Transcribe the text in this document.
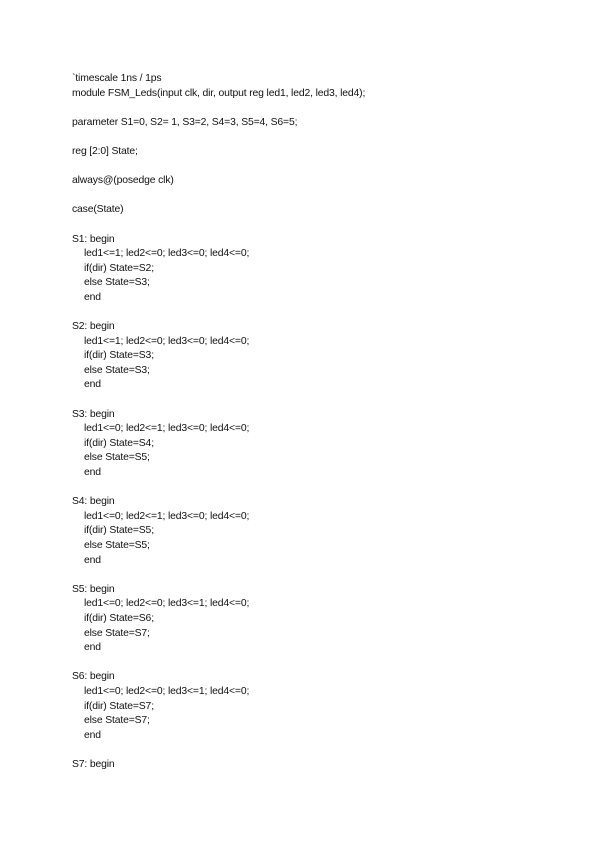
`timescale 1ns / 1ps
module FSM_Leds(input clk, dir, output reg led1, led2, led3, led4);
parameter S1=0, S2= 1, S3=2, S4=3, S5=4, S6=5;
reg [2:0] State;
always@(posedge clk)
case(State)
S1: begin
led1<=1; led2<=0; led3<=0; led4<=0;
if(dir) State=S2;
else State=S3;
end
S2: begin
led1<=1; led2<=0; led3<=0; led4<=0;
if(dir) State=S3;
else State=S3;
end
S3: begin
led1<=0; led2<=1; led3<=0; led4<=0;
if(dir) State=S4;
else State=S5;
end
S4: begin
led1<=0; led2<=1; led3<=0; led4<=0;
if(dir) State=S5;
else State=S5;
end
S5: begin
led1<=0; led2<=0; led3<=1; led4<=0;
if(dir) State=S6;
else State=S7;
end
S6: begin
led1<=0; led2<=0; led3<=1; led4<=0;
if(dir) State=S7;
else State=S7;
end
S7: begin
